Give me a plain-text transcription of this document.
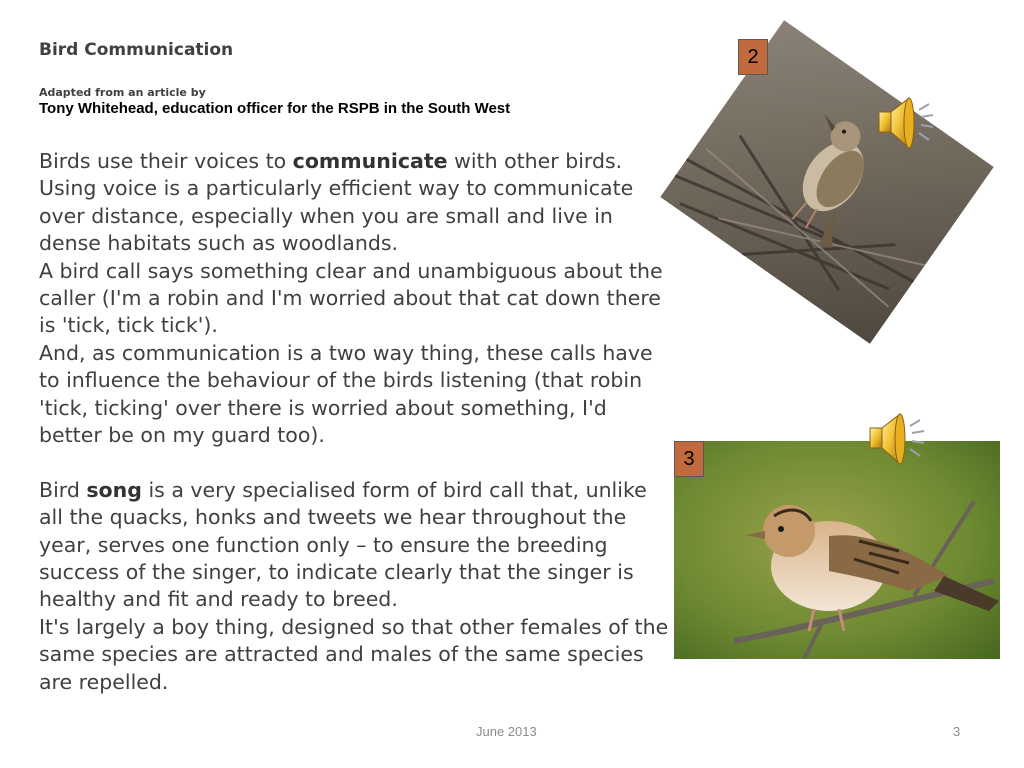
Bird Communication
Adapted from an article by
Tony Whitehead, education officer for the RSPB in the South West

Birds use their voices to communicate with other birds. Using voice is a particularly efficient way to communicate over distance, especially when you are small and live in dense habitats such as woodlands.

A bird call says something clear and unambiguous about the caller (I'm a robin and I'm worried about that cat down there is 'tick, tick tick').

And, as communication is a two way thing, these calls have to influence the behaviour of the birds listening (that robin 'tick, ticking' over there is worried about something, I'd better be on my guard too).

Bird song is a very specialised form of bird call that, unlike all the quacks, honks and tweets we hear throughout the year, serves one function only – to ensure the breeding success of the singer, to indicate clearly that the singer is healthy and fit and ready to breed.

It's largely a boy thing, designed so that other females of the same species are attracted and males of the same species are repelled.

2
3
June 2013	3
